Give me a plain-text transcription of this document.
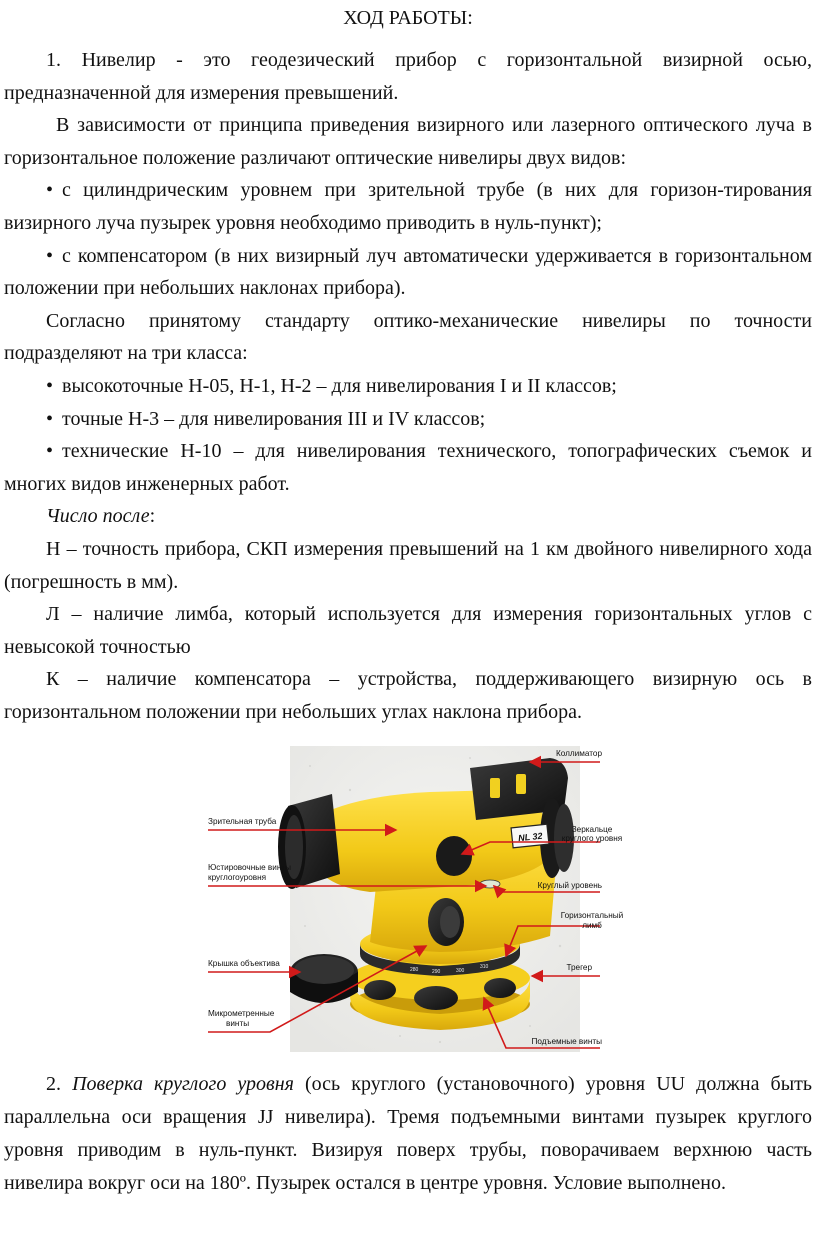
ХОД РАБОТЫ:

1. Нивелир - это геодезический прибор с горизонтальной визирной осью, предназначенной для измерения превышений.

В зависимости от принципа приведения визирного или лазерного оптического луча в горизонтальное положение различают оптические нивелиры двух видов:

• с цилиндрическим уровнем при зрительной трубе (в них для горизон-тирования визирного луча пузырек уровня необходимо приводить в нуль-пункт);

• с компенсатором (в них визирный луч автоматически удерживается в горизонтальном положении при небольших наклонах прибора).

Согласно принятому стандарту оптико-механические нивелиры по точности подразделяют на три класса:

• высокоточные Н-05, Н-1, Н-2 – для нивелирования I и II классов;

• точные Н-3 – для нивелирования III и IV классов;

• технические Н-10 – для нивелирования технического, топографических съемок и многих видов инженерных работ.

Число после:

Н – точность прибора, СКП измерения превышений на 1 км двойного нивелирного хода (погрешность в мм).

Л – наличие лимба, который используется для измерения горизонтальных углов с невысокой точностью

К – наличие компенсатора – устройства, поддерживающего визирную ось в горизонтальном положении при небольших углах наклона прибора.

280	290	300
310
NL 32
Коллиматор
Зрительная труба
Зеркальце
круглого уровня
Юстировочные винты
круглогоуровня
Круглый уровень
Горизонтальный
лимб
Крышка объектива	Трегер
Микрометренные
винты
Подъемные винты

2. Поверка круглого уровня (ось круглого (установочного) уровня UU должна быть параллельна оси вращения JJ нивелира). Тремя подъемными винтами пузырек круглого уровня приводим в нуль-пункт. Визируя поверх трубы, поворачиваем верхнюю часть нивелира вокруг оси на 180º. Пузырек остался в центре уровня. Условие выполнено.
